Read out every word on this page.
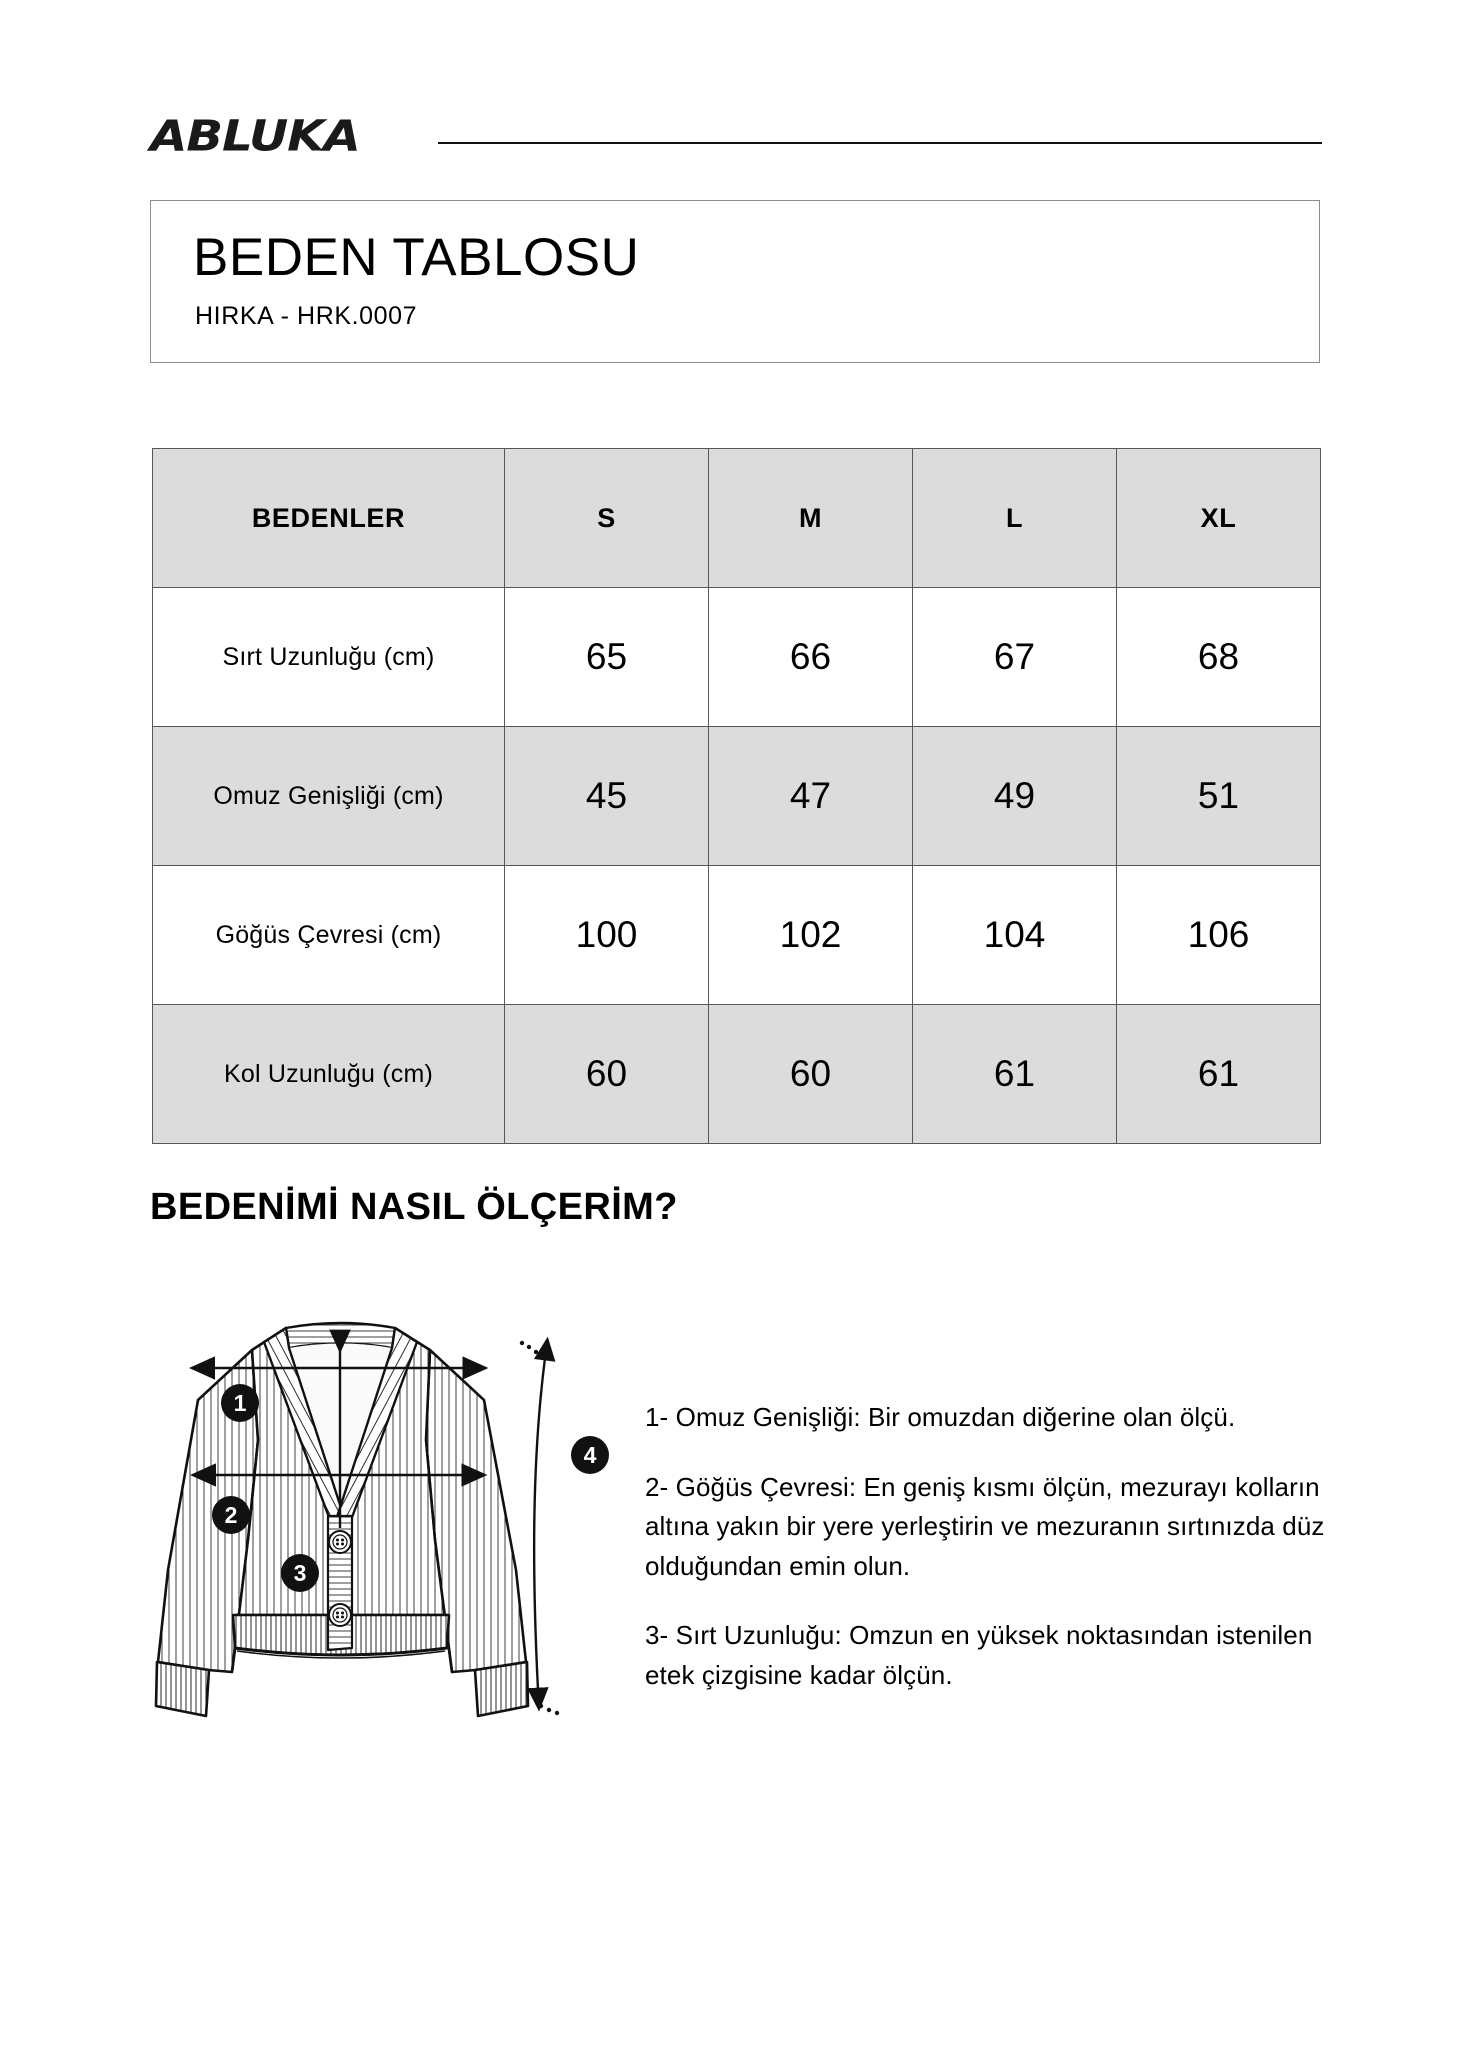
ABLUKA
BEDEN TABLOSU
HIRKA - HRK.0007
BEDENLER	S	M	L	XL
Sırt Uzunluğu (cm)	65	66	67	68
Omuz Genişliği (cm)	45	47	49	51
Göğüs Çevresi (cm)	100	102	104	106
Kol Uzunluğu (cm)	60	60	61	61
BEDENİMİ NASIL ÖLÇERİM?
1
2
3
4

1- Omuz Genişliği: Bir omuzdan diğerine olan ölçü.

2- Göğüs Çevresi: En geniş kısmı ölçün, mezurayı kolların altına yakın bir yere yerleştirin ve mezuranın sırtınızda düz olduğundan emin olun.

3- Sırt Uzunluğu: Omzun en yüksek noktasından istenilen etek çizgisine kadar ölçün.
